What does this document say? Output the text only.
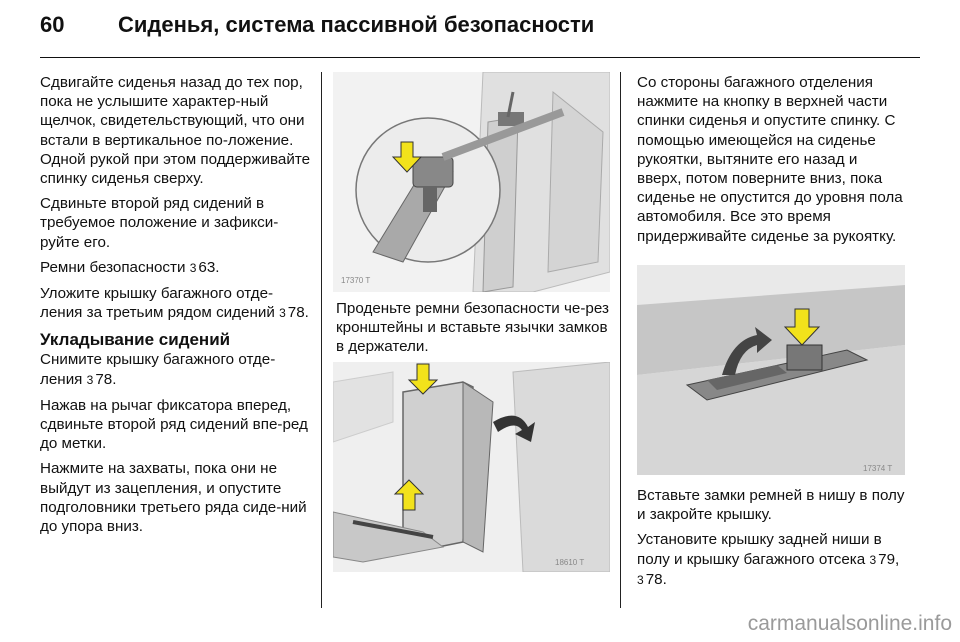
60 Сиденья, система пассивной безопасности

Сдвигайте сиденья назад до тех пор, пока не услышите характер-ный щелчок, свидетельствующий, что они встали в вертикальное по-ложение. Одной рукой при этом поддерживайте спинку сиденья сверху.

Сдвиньте второй ряд сидений в требуемое положение и зафикси-руйте его.

Ремни безопасности 3 63.

Уложите крышку багажного отде-ления за третьим рядом сидений 3 78.

Укладывание сидений

Снимите крышку багажного отде-ления 3 78.

Нажав на рычаг фиксатора вперед, сдвиньте второй ряд сидений впе-ред до метки.

Нажмите на захваты, пока они не выйдут из зацепления, и опустите подголовники третьего ряда сиде-ний до упора вниз.

17370 T

Проденьте ремни безопасности че-рез кронштейны и вставьте язычки замков в держатели.

18610 T

Со стороны багажного отделения нажмите на кнопку в верхней части спинки сиденья и опустите спинку. С помощью имеющейся на сиденье рукоятки, вытяните его назад и вверх, потом поверните вниз, пока сиденье не опустится до уровня пола автомобиля. Все это время придерживайте сиденье за рукоятку.

17374 T

Вставьте замки ремней в нишу в полу и закройте крышку.

Установите крышку задней ниши в полу и крышку багажного отсека 3 79, 3 78.

carmanualsonline.info
